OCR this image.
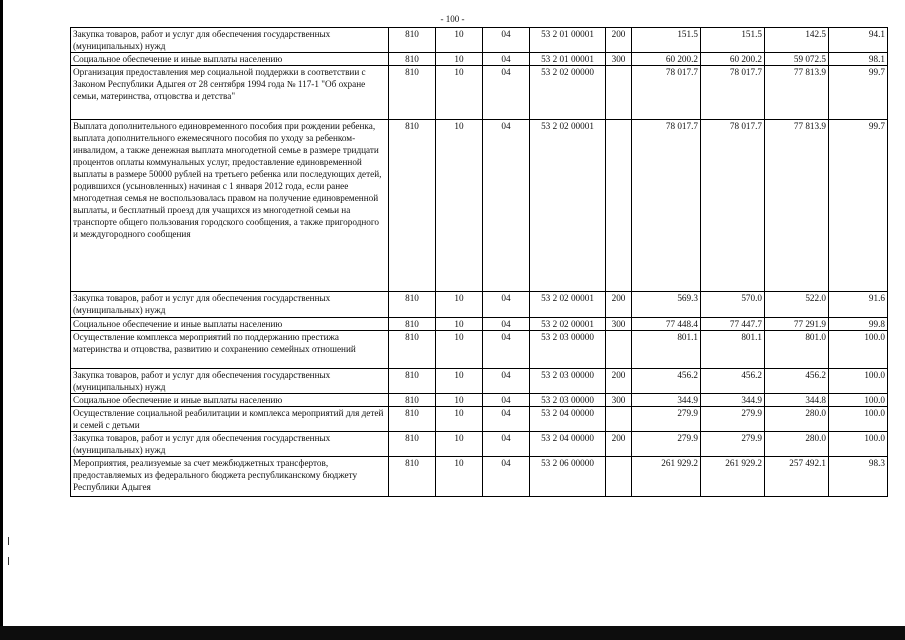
- 100 -
Закупка товаров, работ и услуг для обеспечения государственных (муниципальных) нужд	810	10	04	53 2 01 00001	200	151.5	151.5	142.5	94.1
Социальное обеспечение и иные выплаты населению	810	10	04	53 2 01 00001	300	60 200.2	60 200.2	59 072.5	98.1
Организация предоставления мер социальной поддержки в соответствии с Законом Республики Адыгея от 28 сентября 1994 года № 117-1 "Об охране семьи, материнства, отцовства и детства"	810	10	04	53 2 02 00000		78 017.7	78 017.7	77 813.9	99.7
Выплата дополнительного единовременного пособия при рождении ребенка, выплата дополнительного ежемесячного пособия по уходу за ребенком-инвалидом, а также денежная выплата многодетной семье в размере тридцати процентов оплаты коммунальных услуг, предоставление единовременной выплаты в размере 50000 рублей на третьего ребенка или последующих детей, родившихся (усыновленных) начиная с 1 января 2012 года, если ранее многодетная семья не воспользовалась правом на получение единовременной выплаты, и бесплатный проезд для учащихся из многодетной семьи на транспорте общего пользования городского сообщения, а также пригородного и междугородного сообщения	810	10	04	53 2 02 00001		78 017.7	78 017.7	77 813.9	99.7
Закупка товаров, работ и услуг для обеспечения государственных (муниципальных) нужд	810	10	04	53 2 02 00001	200	569.3	570.0	522.0	91.6
Социальное обеспечение и иные выплаты населению	810	10	04	53 2 02 00001	300	77 448.4	77 447.7	77 291.9	99.8
Осуществление комплекса мероприятий по поддержанию престижа материнства и отцовства, развитию и сохранению семейных отношений	810	10	04	53 2 03 00000		801.1	801.1	801.0	100.0
Закупка товаров, работ и услуг для обеспечения государственных (муниципальных) нужд	810	10	04	53 2 03 00000	200	456.2	456.2	456.2	100.0
Социальное обеспечение и иные выплаты населению	810	10	04	53 2 03 00000	300	344.9	344.9	344.8	100.0
Осуществление социальной реабилитации и комплекса мероприятий для детей и семей с детьми	810	10	04	53 2 04 00000		279.9	279.9	280.0	100.0
Закупка товаров, работ и услуг для обеспечения государственных (муниципальных) нужд	810	10	04	53 2 04 00000	200	279.9	279.9	280.0	100.0
Мероприятия, реализуемые за счет межбюджетных трансфертов, предоставляемых из федерального бюджета республиканскому бюджету Республики Адыгея	810	10	04	53 2 06 00000		261 929.2	261 929.2	257 492.1	98.3
